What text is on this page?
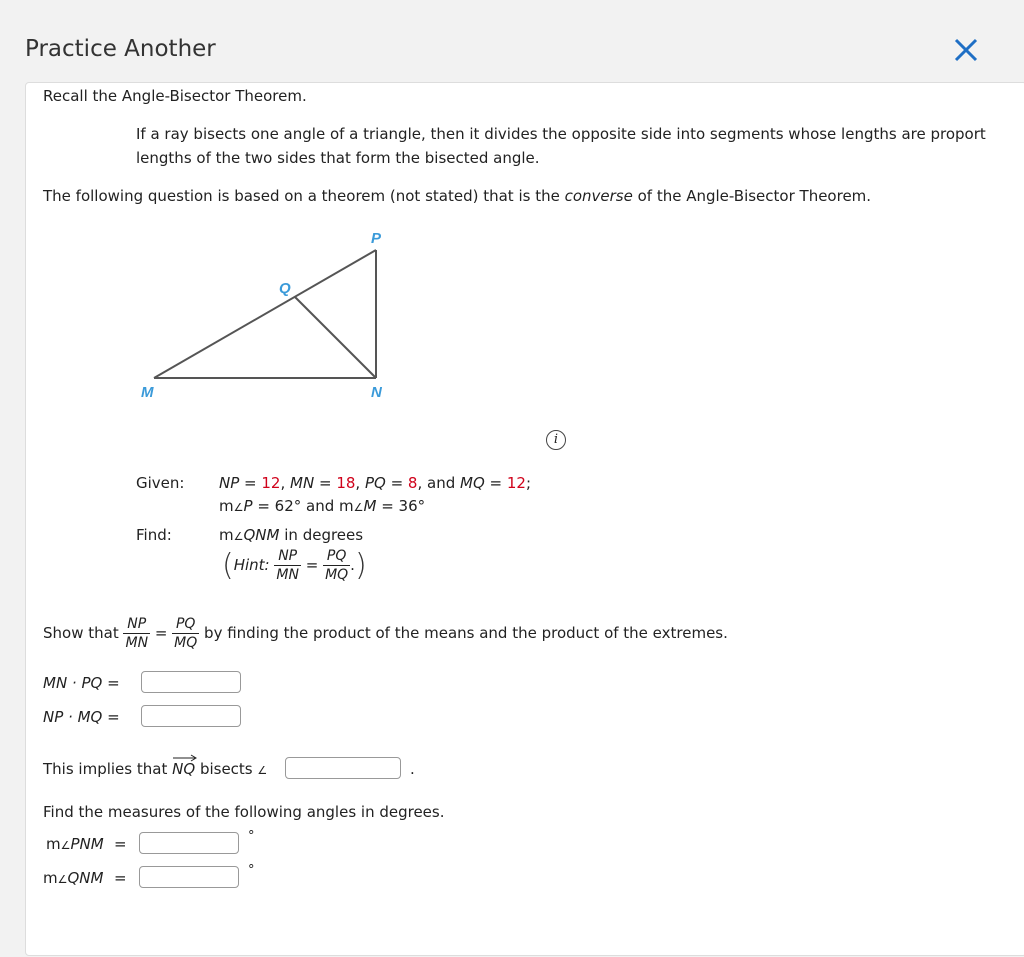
Practice Another
Recall the Angle-Bisector Theorem.
If a ray bisects one angle of a triangle, then it divides the opposite side into segments whose lengths are proport
lengths of the two sides that form the bisected angle.
The following question is based on a theorem (not stated) that is the converse of the Angle-Bisector Theorem.
P
Q
M	N
i
Given: NP = 12, MN = 18, PQ = 8, and MQ = 12;
m∠P = 62° and m∠M = 36°
Find:	m∠QNM in degrees
(Hint: $\frac{NP}{MN} = \frac{PQ}{MQ}$ .)
Show that $\frac{NP}{MN} = \frac{PQ}{MQ}$ by finding the product of the means and the product of the extremes.
MN · PQ =
NP · MQ =
This implies that NQ bisects ∠	.
Find the measures of the following angles in degrees.
m∠PNM =	°
m∠QNM =	°
